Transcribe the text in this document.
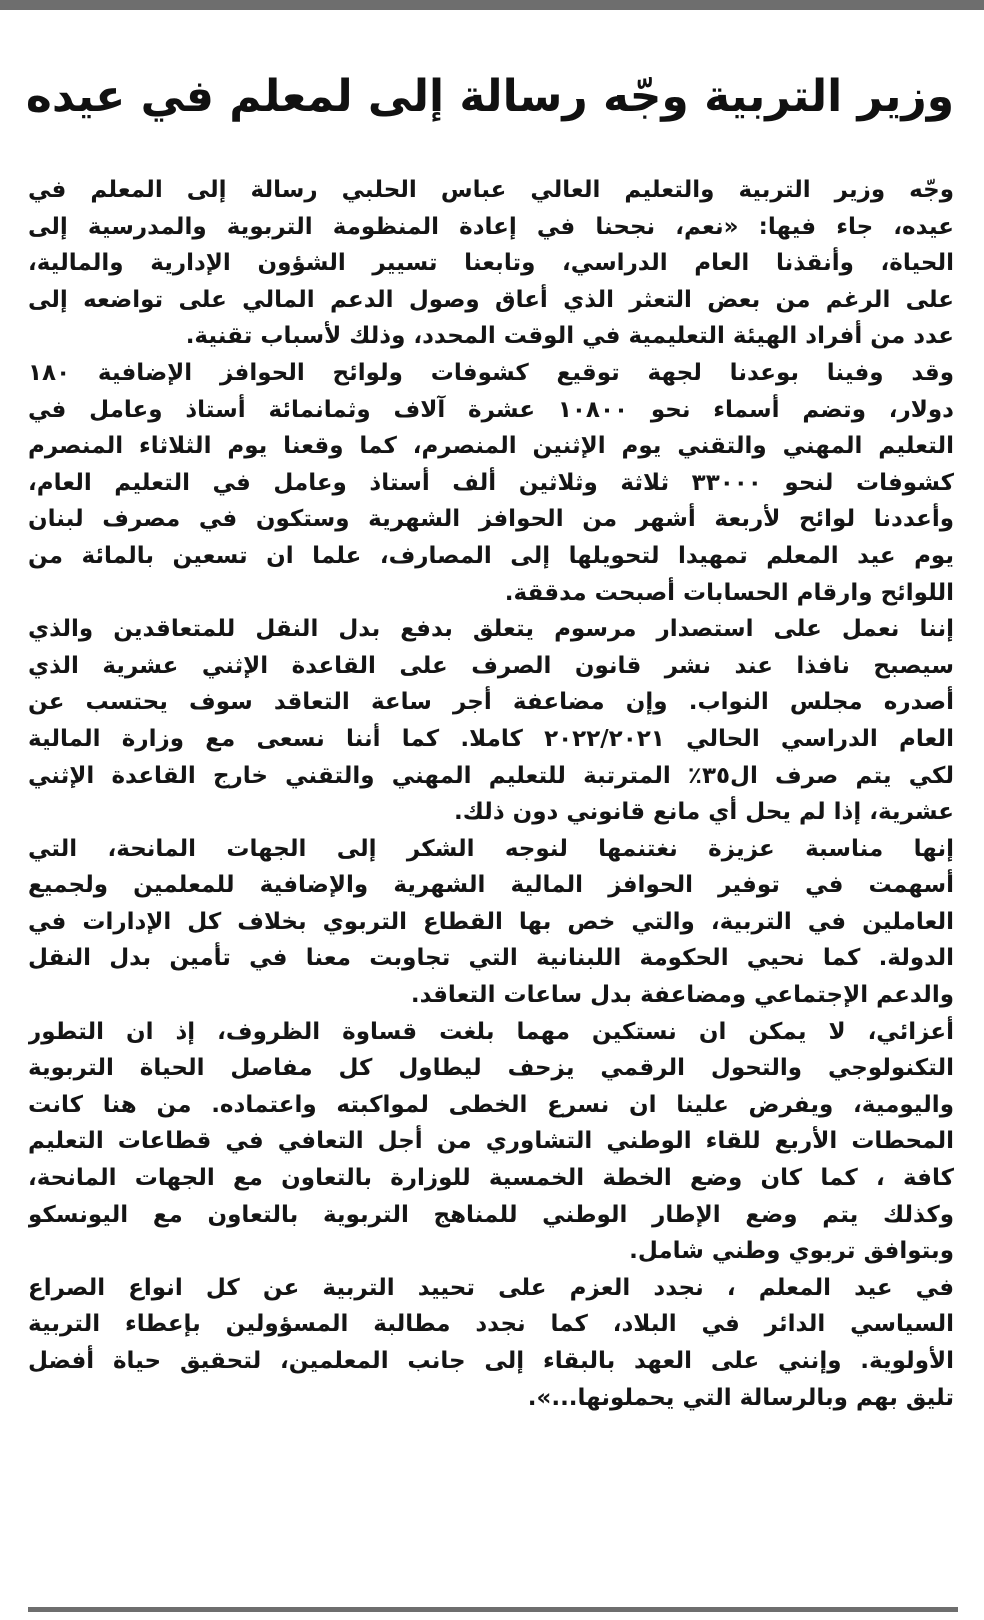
وزير التربية وجّه رسالة إلى لمعلم في عيده
وجّه وزير التربية والتعليم العالي عباس الحلبي رسالة إلى المعلم في
عيده، جاء فيها: «نعم، نجحنا في إعادة المنظومة التربوية والمدرسية إلى
الحياة، وأنقذنا العام الدراسي، وتابعنا تسيير الشؤون الإدارية والمالية،
على الرغم من بعض التعثر الذي أعاق وصول الدعم المالي على تواضعه إلى
عدد من أفراد الهيئة التعليمية في الوقت المحدد، وذلك لأسباب تقنية.
وقد وفينا بوعدنا لجهة توقيع كشوفات ولوائح الحوافز الإضافية ١٨٠
دولار، وتضم أسماء نحو ١٠٨٠٠ عشرة آلاف وثمانمائة أستاذ وعامل في
التعليم المهني والتقني يوم الإثنين المنصرم، كما وقعنا يوم الثلاثاء المنصرم
كشوفات لنحو ٣٣٠٠٠ ثلاثة وثلاثين ألف أستاذ وعامل في التعليم العام،
وأعددنا لوائح لأربعة أشهر من الحوافز الشهرية وستكون في مصرف لبنان
يوم عيد المعلم تمهيدا لتحويلها إلى المصارف، علما ان تسعين بالمائة من
اللوائح وارقام الحسابات أصبحت مدققة.
إننا نعمل على استصدار مرسوم يتعلق بدفع بدل النقل للمتعاقدين والذي
سيصبح نافذا عند نشر قانون الصرف على القاعدة الإثني عشرية الذي
أصدره مجلس النواب. وإن مضاعفة أجر ساعة التعاقد سوف يحتسب عن
العام الدراسي الحالي ٢٠٢٢/٢٠٢١ كاملا. كما أننا نسعى مع وزارة المالية
لكي يتم صرف ال٣٥٪ المترتبة للتعليم المهني والتقني خارج القاعدة الإثني
عشرية، إذا لم يحل أي مانع قانوني دون ذلك.
إنها مناسبة عزيزة نغتنمها لنوجه الشكر إلى الجهات المانحة، التي
أسهمت في توفير الحوافز المالية الشهرية والإضافية للمعلمين ولجميع
العاملين في التربية، والتي خص بها القطاع التربوي بخلاف كل الإدارات في
الدولة. كما نحيي الحكومة اللبنانية التي تجاوبت معنا في تأمين بدل النقل
والدعم الإجتماعي ومضاعفة بدل ساعات التعاقد.
أعزائي، لا يمكن ان نستكين مهما بلغت قساوة الظروف، إذ ان التطور
التكنولوجي والتحول الرقمي يزحف ليطاول كل مفاصل الحياة التربوية
واليومية، ويفرض علينا ان نسرع الخطى لمواكبته واعتماده. من هنا كانت
المحطات الأربع للقاء الوطني التشاوري من أجل التعافي في قطاعات التعليم
كافة ، كما كان وضع الخطة الخمسية للوزارة بالتعاون مع الجهات المانحة،
وكذلك يتم وضع الإطار الوطني للمناهج التربوية بالتعاون مع اليونسكو
وبتوافق تربوي وطني شامل.
في عيد المعلم ، نجدد العزم على تحييد التربية عن كل انواع الصراع
السياسي الدائر في البلاد، كما نجدد مطالبة المسؤولين بإعطاء التربية
الأولوية. وإنني على العهد بالبقاء إلى جانب المعلمين، لتحقيق حياة أفضل
تليق بهم وبالرسالة التي يحملونها...».
